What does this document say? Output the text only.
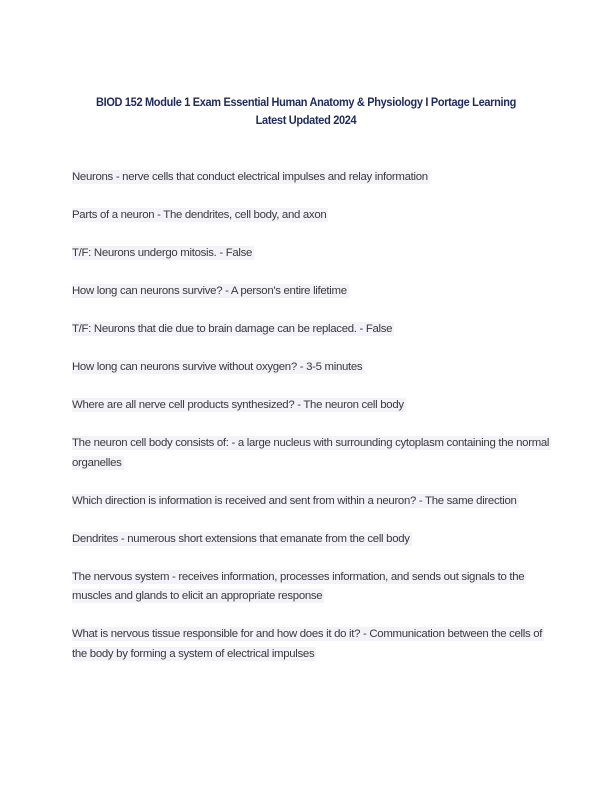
BIOD 152 Module 1 Exam Essential Human Anatomy & Physiology I Portage Learning
Latest Updated 2024
Neurons - nerve cells that conduct electrical impulses and relay information
Parts of a neuron - The dendrites, cell body, and axon
T/F: Neurons undergo mitosis. - False
How long can neurons survive? - A person's entire lifetime
T/F: Neurons that die due to brain damage can be replaced. - False
How long can neurons survive without oxygen? - 3-5 minutes
Where are all nerve cell products synthesized? - The neuron cell body
The neuron cell body consists of: - a large nucleus with surrounding cytoplasm containing the normal organelles
Which direction is information is received and sent from within a neuron? - The same direction
Dendrites - numerous short extensions that emanate from the cell body
The nervous system - receives information, processes information, and sends out signals to the muscles and glands to elicit an appropriate response
What is nervous tissue responsible for and how does it do it? - Communication between the cells of the body by forming a system of electrical impulses
